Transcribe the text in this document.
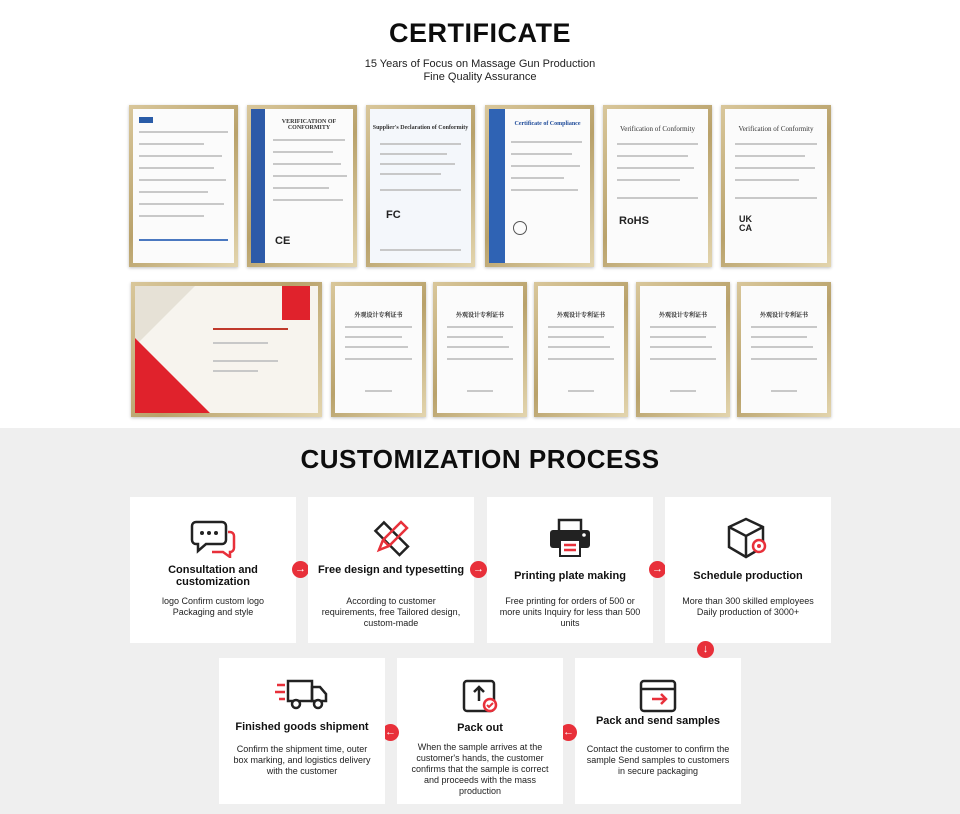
CERTIFICATE
15 Years of Focus on Massage Gun Production
Fine Quality Assurance
VERIFICATION OF CONFORMITY
CE
Supplier's Declaration of Conformity
FC
Certificate of Compliance
Verification of Conformity
RoHS
Verification of Conformity
UK CA
外观设计专利证书	外观设计专利证书	外观设计专利证书	外观设计专利证书	外观设计专利证书
CUSTOMIZATION PROCESS
Consultation and customization
logo Confirm custom logo Packaging and style
→	Free design and typesetting
According to customer requirements, free Tailored design, custom-made
→
Printing plate making
Free printing for orders of 500 or more units Inquiry for less than 500 units
→
Schedule production
More than 300 skilled employees Daily production of 3000+
↓
Pack and send samples
Contact the customer to confirm the sample Send samples to customers in secure packaging
←
Pack out
When the sample arrives at the customer's hands, the customer confirms that the sample is correct and proceeds with the mass production
←
Finished goods shipment
Confirm the shipment time, outer box marking, and logistics delivery with the customer
